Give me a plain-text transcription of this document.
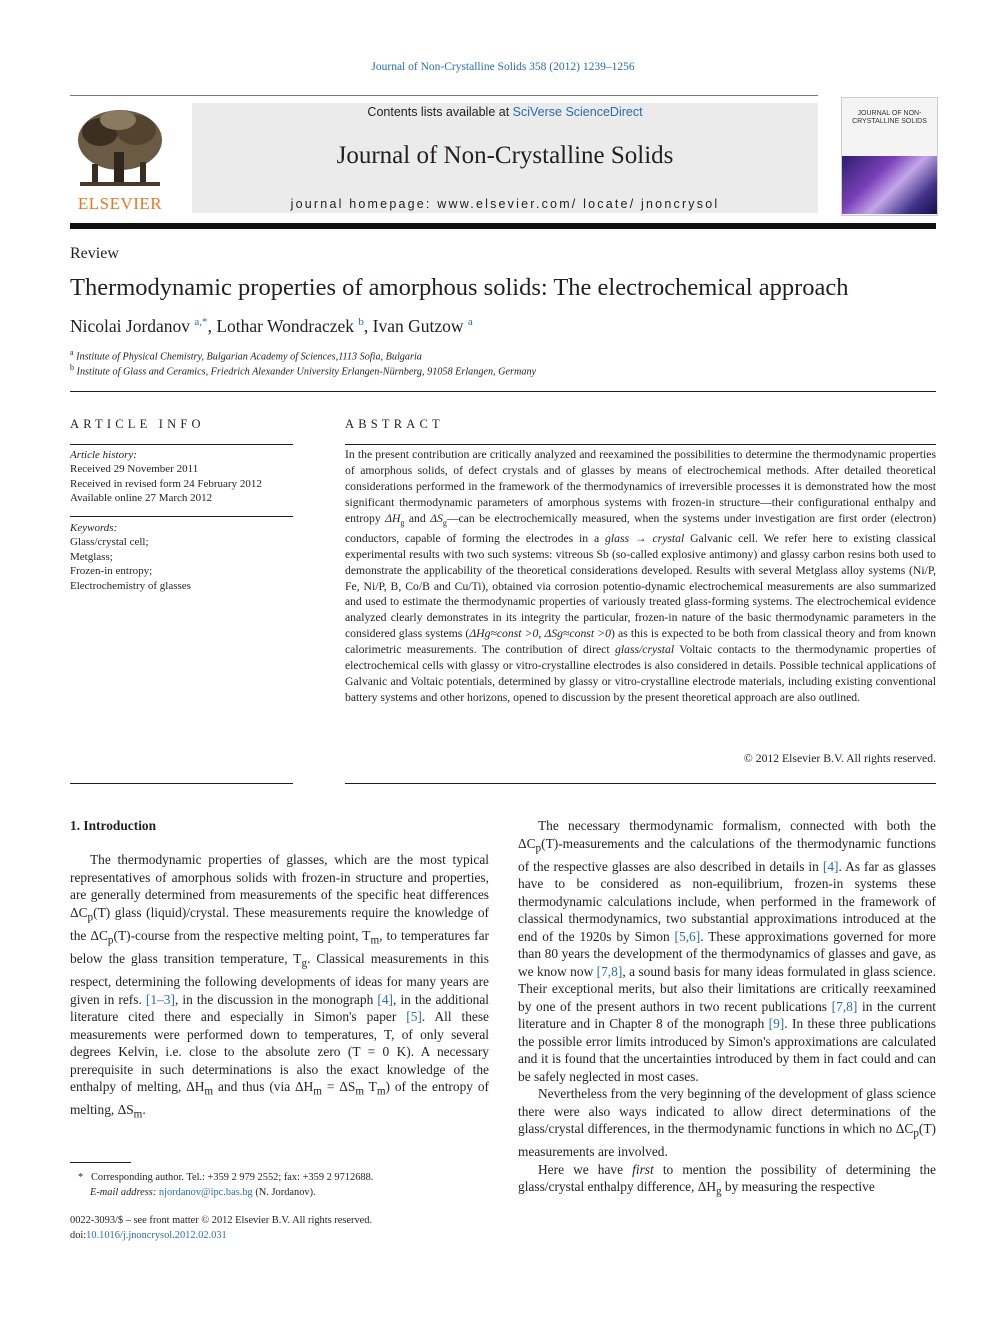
Journal of Non-Crystalline Solids 358 (2012) 1239–1256
ELSEVIER
Contents lists available at SciVerse ScienceDirect
Journal of Non-Crystalline Solids
journal homepage: www.elsevier.com/ locate/ jnoncrysol
JOURNAL OF NON-CRYSTALLINE SOLIDS
Review
Thermodynamic properties of amorphous solids: The electrochemical approach
Nicolai Jordanov $^{a,*}$, Lothar Wondraczek $^b$, Ivan Gutzow $^a$
$^a$ Institute of Physical Chemistry, Bulgarian Academy of Sciences,1113 Sofia, Bulgaria
$^b$ Institute of Glass and Ceramics, Friedrich Alexander University Erlangen-Nürnberg, 91058 Erlangen, Germany
ARTICLE INFO
Article history:
Received 29 November 2011
Received in revised form 24 February 2012
Available online 27 March 2012
Keywords:
Glass/crystal cell;
Metglass;
Frozen-in entropy;
Electrochemistry of glasses
ABSTRACT
In the present contribution are critically analyzed and reexamined the possibilities to determine the thermodynamic properties of amorphous solids, of defect crystals and of glasses by means of electrochemical methods. After detailed theoretical considerations performed in the framework of the thermodynamics of irreversible processes it is demonstrated how the most significant thermodynamic parameters of amorphous systems with frozen-in structure—their configurational enthalpy and entropy $\Delta H_g$ and $\Delta S_g—can$ be electrochemically measured, when the systems under investigation are first order (electron) conductors, capable of forming the electrodes in a glass → crystal Galvanic cell. We refer here to existing classical experimental results with two such systems: vitreous Sb (so-called explosive antimony) and glassy carbon resins both used to demonstrate the applicability of the theoretical considerations developed. Results with several Metglass alloy systems (Ni/P, Fe, Ni/P, B, Co/B and Cu/Ti), obtained via corrosion potentio-dynamic electrochemical measurements are also summarized and used to estimate the thermodynamic properties of variously treated glass-forming systems. The electrochemical evidence analyzed clearly demonstrates in its integrity the particular, frozen-in nature of the basic thermodynamic parameters in the considered glass systems (ΔHg≈const >0, ΔSg≈const >0) as this is expected to be both from classical theory and from known calorimetric measurements. The contribution of direct glass/crystal Voltaic contacts to the thermodynamic properties of electrochemical cells with glassy or vitro-crystalline electrodes is also considered in details. Possible technical applications of Galvanic and Voltaic potentials, determined by glassy or vitro-crystalline electrode materials, including existing conventional battery systems and other horizons, opened to discussion by the present theoretical approach are also outlined.
© 2012 Elsevier B.V. All rights reserved.
1. Introduction

The thermodynamic properties of glasses, which are the most typical representatives of amorphous solids with frozen-in structure and properties, are generally determined from measurements of the specific heat differences $\Delta C_p(T)$ glass (liquid)/crystal. These measurements require the knowledge of the $\Delta C_p(T)$-course from the respective melting point, $T_m$, to temperatures far below the glass transition temperature, $T_g$. Classical measurements in this respect, determining the following developments of ideas for many years are given in refs. [1–3], in the discussion in the monograph [4], in the additional literature cited there and especially in Simon's paper [5]. All these measurements were performed down to temperatures, T, of only several degrees Kelvin, i.e. close to the absolute zero (T = 0 K). A necessary prerequisite in such determinations is also the exact knowledge of the enthalpy of melting, $\Delta H_m$ and thus (via $\Delta H_m = \Delta S_m$ $T_m$) of the entropy of melting, $\Delta S_m$.

The necessary thermodynamic formalism, connected with both the $\Delta C_p(T)$-measurements and the calculations of the thermodynamic functions of the respective glasses are also described in details in [4]. As far as glasses have to be considered as non-equilibrium, frozen-in systems these thermodynamic calculations include, when performed in the framework of classical thermodynamics, two substantial approximations introduced at the end of the 1920s by Simon [5,6]. These approximations governed for more than 80 years the development of the thermodynamics of glasses and gave, as we know now [7,8], a sound basis for many ideas formulated in glass science. Their exceptional merits, but also their limitations are critically reexamined by one of the present authors in two recent publications [7,8] in the current literature and in Chapter 8 of the monograph [9]. In these three publications the possible error limits introduced by Simon's approximations are calculated and it is found that the uncertainties introduced by them in fact could and can be safely neglected in most cases.

Nevertheless from the very beginning of the development of glass science there were also ways indicated to allow direct determinations of the glass/crystal differences, in the thermodynamic functions in which no $\Delta C_p(T)$ measurements are involved.

Here we have first to mention the possibility of determining the glass/crystal enthalpy difference, $\Delta H_g$ by measuring the respective

* Corresponding author. Tel.: +359 2 979 2552; fax: +359 2 9712688.
E-mail address: njordanov@ipc.bas.bg (N. Jordanov).
0022-3093/$ – see front matter © 2012 Elsevier B.V. All rights reserved.
doi:10.1016/j.jnoncrysol.2012.02.031
